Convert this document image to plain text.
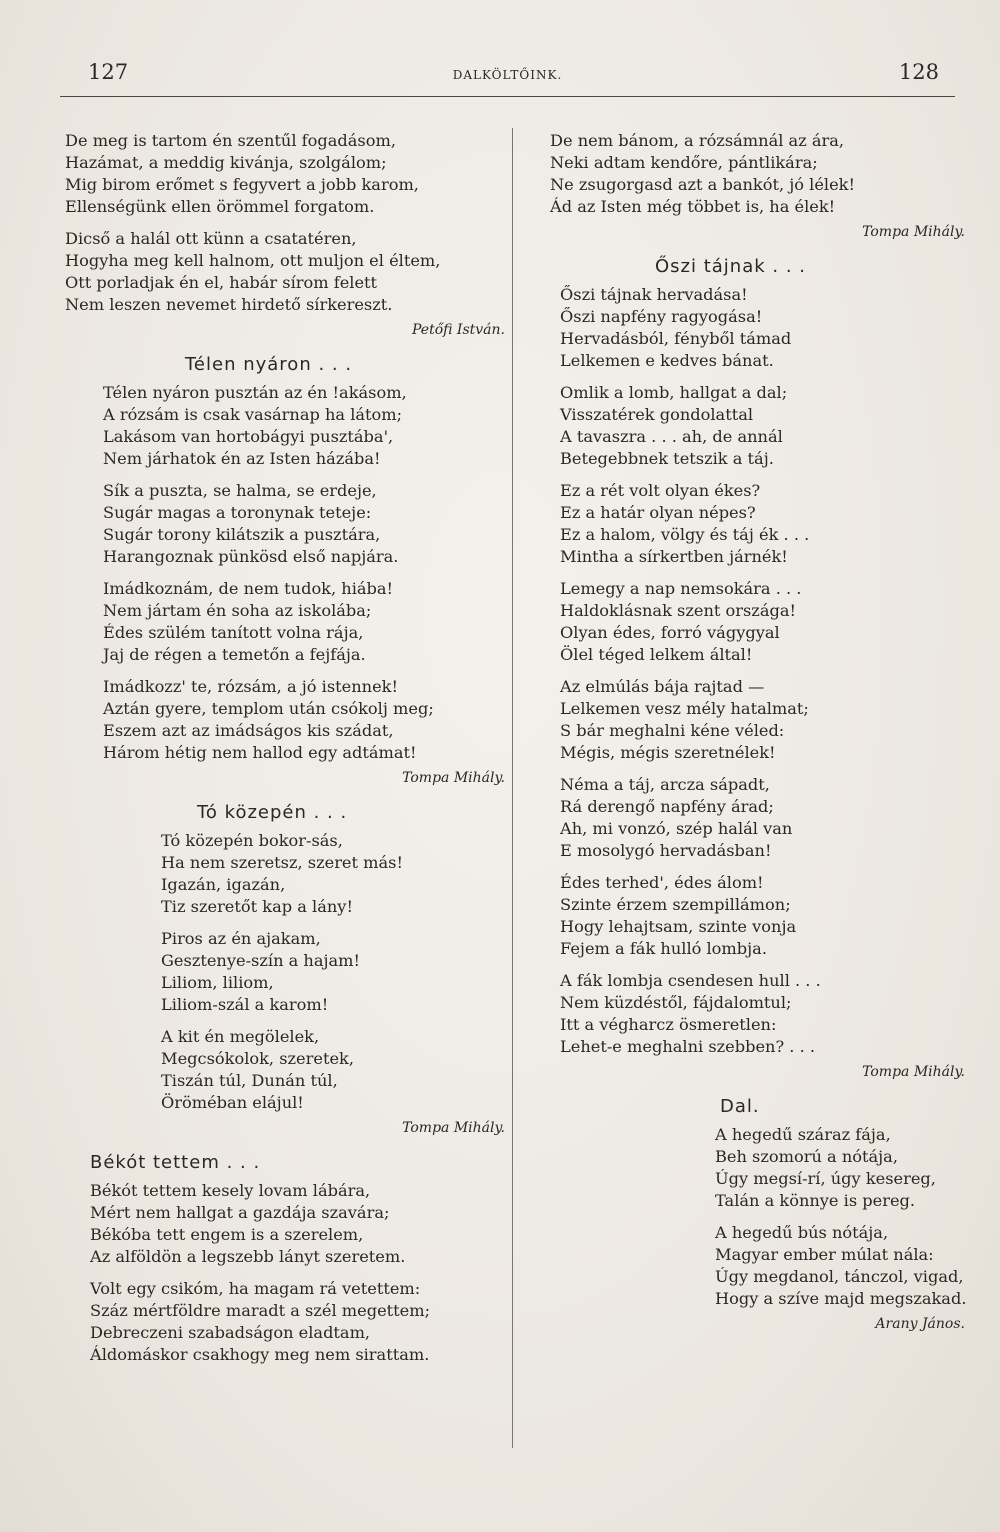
127	DALKÖLTŐINK.	128
De meg is tartom én szentűl fogadásom,
Hazámat, a meddig kivánja, szolgálom;
Mig birom erőmet s fegyvert a jobb karom,
Ellenségünk ellen örömmel forgatom.
Dicső a halál ott künn a csatatéren,
Hogyha meg kell halnom, ott muljon el éltem,
Ott porladjak én el, habár sírom felett
Nem leszen nevemet hirdető sírkereszt.
Petőfi István.
Télen nyáron . . .
Télen nyáron pusztán az én !akásom,
A rózsám is csak vasárnap ha látom;
Lakásom van hortobágyi pusztába',
Nem járhatok én az Isten házába!
Sík a puszta, se halma, se erdeje,
Sugár magas a toronynak teteje:
Sugár torony kilátszik a pusztára,
Harangoznak pünkösd első napjára.
Imádkoznám, de nem tudok, hiába!
Nem jártam én soha az iskolába;
Édes szülém tanított volna rája,
Jaj de régen a temetőn a fejfája.
Imádkozz' te, rózsám, a jó istennek!
Aztán gyere, templom után csókolj meg;
Eszem azt az imádságos kis szádat,
Három hétig nem hallod egy adtámat!
Tompa Mihály.
Tó közepén . . .
Tó közepén bokor-sás,
Ha nem szeretsz, szeret más!
Igazán, igazán,
Tiz szeretőt kap a lány!
Piros az én ajakam,
Gesztenye-szín a hajam!
Liliom, liliom,
Liliom-szál a karom!
A kit én megölelek,
Megcsókolok, szeretek,
Tiszán túl, Dunán túl,
Öröméban elájul!
Tompa Mihály.
Békót tettem . . .
Békót tettem kesely lovam lábára,
Mért nem hallgat a gazdája szavára;
Békóba tett engem is a szerelem,
Az alföldön a legszebb lányt szeretem.
Volt egy csikóm, ha magam rá vetettem:
Száz mértföldre maradt a szél megettem;
Debreczeni szabadságon eladtam,
Áldomáskor csakhogy meg nem sirattam.
De nem bánom, a rózsámnál az ára,
Neki adtam kendőre, pántlikára;
Ne zsugorgasd azt a bankót, jó lélek!
Ád az Isten még többet is, ha élek!
Tompa Mihály.
Őszi tájnak . . .
Őszi tájnak hervadása!
Őszi napfény ragyogása!
Hervadásból, fényből támad
Lelkemen e kedves bánat.
Omlik a lomb, hallgat a dal;
Visszatérek gondolattal
A tavaszra . . . ah, de annál
Betegebbnek tetszik a táj.
Ez a rét volt olyan ékes?
Ez a határ olyan népes?
Ez a halom, völgy és táj ék . . .
Mintha a sírkertben járnék!
Lemegy a nap nemsokára . . .
Haldoklásnak szent országa!
Olyan édes, forró vágygyal
Ölel téged lelkem által!
Az elmúlás bája rajtad —
Lelkemen vesz mély hatalmat;
S bár meghalni kéne véled:
Mégis, mégis szeretnélek!
Néma a táj, arcza sápadt,
Rá derengő napfény árad;
Ah, mi vonzó, szép halál van
E mosolygó hervadásban!
Édes terhed', édes álom!
Szinte érzem szempillámon;
Hogy lehajtsam, szinte vonja
Fejem a fák hulló lombja.
A fák lombja csendesen hull . . .
Nem küzdéstől, fájdalomtul;
Itt a végharcz ösmeretlen:
Lehet-e meghalni szebben? . . .
Tompa Mihály.
Dal.
A hegedű száraz fája,
Beh szomorú a nótája,
Úgy megsí-rí, úgy kesereg,
Talán a könnye is pereg.
A hegedű bús nótája,
Magyar ember múlat nála:
Úgy megdanol, tánczol, vigad,
Hogy a szíve majd megszakad.
Arany János.
